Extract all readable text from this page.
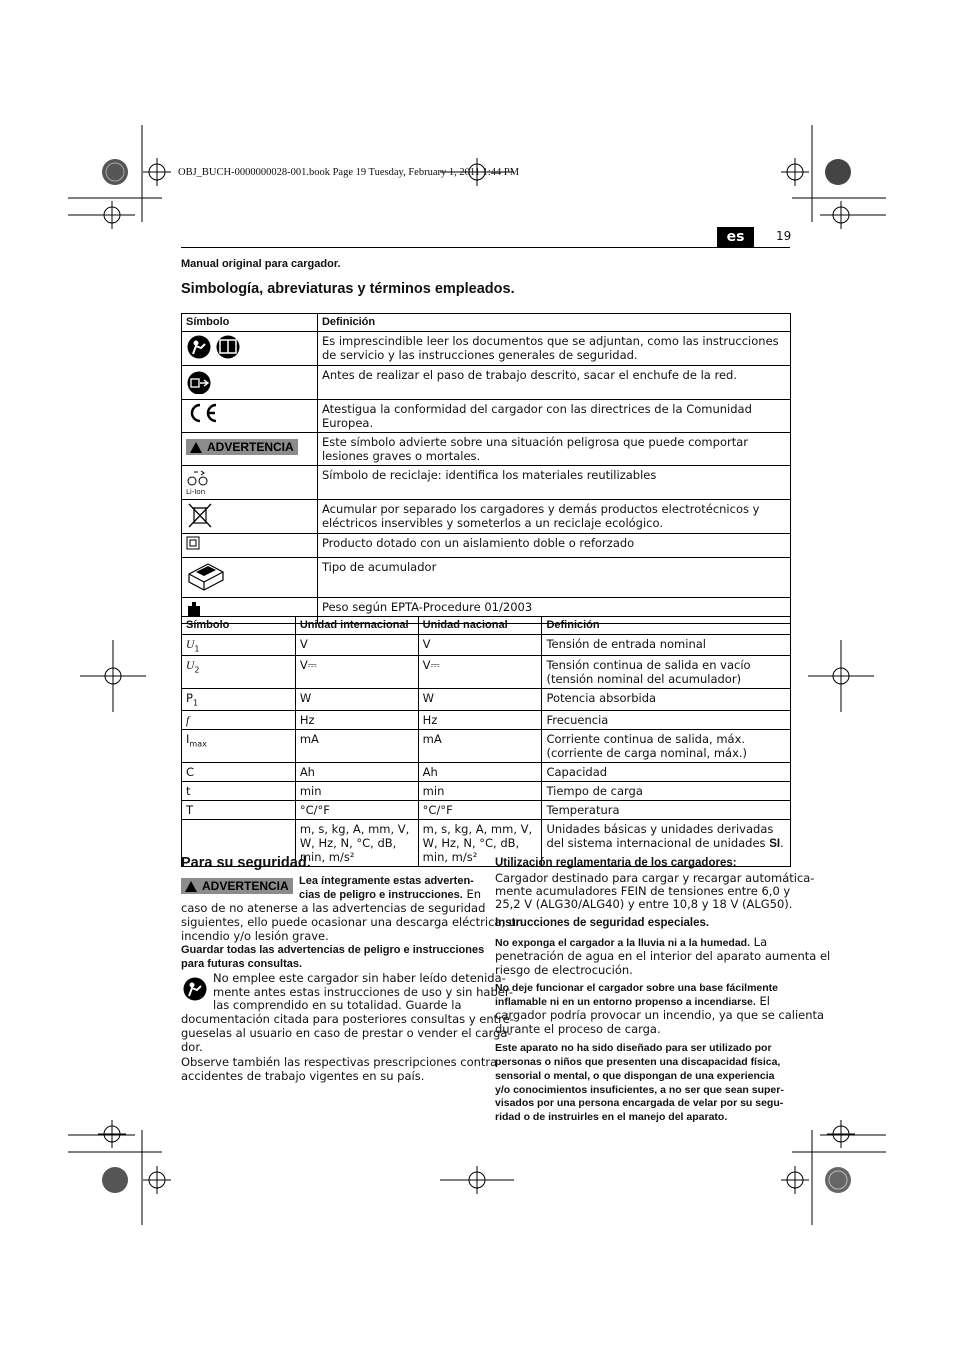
OBJ_BUCH-0000000028-001.book Page 19 Tuesday, February 1, 2011 1:44 PM
es	19
Manual original para cargador.
Simbología, abreviaturas y términos empleados.
Símbolo	Definición
	Es imprescindible leer los documentos que se adjuntan, como las instrucciones de servicio y las instrucciones generales de seguridad.
	Antes de realizar el paso de trabajo descrito, sacar el enchufe de la red.
	Atestigua la conformidad del cargador con las directrices de la Comunidad Europea.

ADVERTENCIA	Este símbolo advierte sobre una situación peligrosa que puede comportar lesiones graves o mortales.

Li-Ion	Símbolo de reciclaje: identifica los materiales reutilizables
	Acumular por separado los cargadores y demás productos electrotécnicos y eléctricos inservibles y someterlos a un reciclaje ecológico.
	Producto dotado con un aislamiento doble o reforzado
	Tipo de acumulador
	Peso según EPTA-Procedure 01/2003
Símbolo	Unidad internacional	Unidad nacional	Definición
$U_1$	V	V	Tensión de entrada nominal
$U_2$	V⎓	V⎓	Tensión continua de salida en vacío (tensión nominal del acumulador)
$P_1$	W	W	Potencia absorbida
f	Hz	Hz	Frecuencia
$I_{max}$	mA	mA	Corriente continua de salida, máx. (corriente de carga nominal, máx.)
C	Ah	Ah	Capacidad
t	min	min	Tiempo de carga
T	°C/°F	°C/°F	Temperatura
	m, s, kg, A, mm, V, W, Hz, N, °C, dB, min, m/s²	m, s, kg, A, mm, V, W, Hz, N, °C, dB, min, m/s²	Unidades básicas y unidades derivadas del sistema internacional de unidades SI.
Para su seguridad.
ADVERTENCIA Lea íntegramente estas adverten-
cias de peligro e instrucciones. En
caso de no atenerse a las advertencias de seguridad
siguientes, ello puede ocasionar una descarga eléctrica, un
incendio y/o lesión grave.
Guardar todas las advertencias de peligro e instrucciones
para futuras consultas.
No emplee este cargador sin haber leído detenida-
mente antes estas instrucciones de uso y sin haber-
las comprendido en su totalidad. Guarde la
documentación citada para posteriores consultas y entré-
gueselas al usuario en caso de prestar o vender el carga-
dor.
Observe también las respectivas prescripciones contra
accidentes de trabajo vigentes en su país.
Utilización reglamentaria de los cargadores:
Cargador destinado para cargar y recargar automática-
mente acumuladores FEIN de tensiones entre 6,0 y
25,2 V (ALG30/ALG40) y entre 10,8 y 18 V (ALG50).
Instrucciones de seguridad especiales.
No exponga el cargador a la lluvia ni a la humedad. La
penetración de agua en el interior del aparato aumenta el
riesgo de electrocución.
No deje funcionar el cargador sobre una base fácilmente
inflamable ni en un entorno propenso a incendiarse. El
cargador podría provocar un incendio, ya que se calienta
durante el proceso de carga.
Este aparato no ha sido diseñado para ser utilizado por
personas o niños que presenten una discapacidad física,
sensorial o mental, o que dispongan de una experiencia
y/o conocimientos insuficientes, a no ser que sean super-
visados por una persona encargada de velar por su segu-
ridad o de instruirles en el manejo del aparato.
